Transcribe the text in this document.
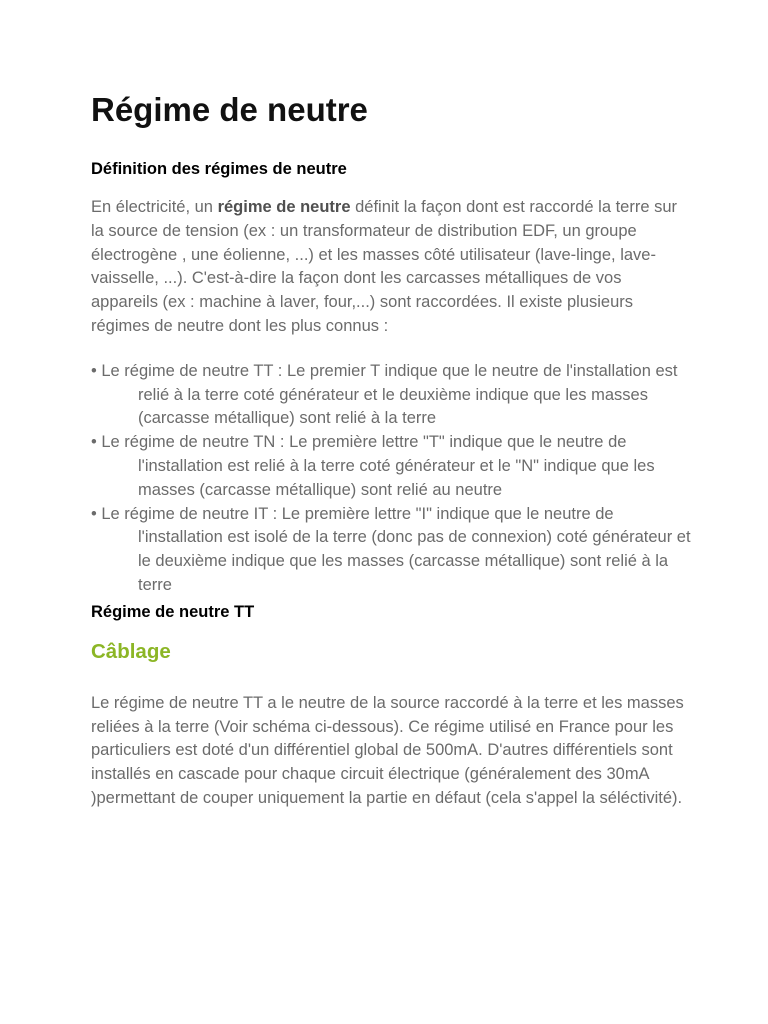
Régime de neutre
Définition des régimes de neutre
En électricité, un régime de neutre définit la façon dont est raccordé la terre sur la source de tension (ex : un transformateur de distribution EDF, un groupe électrogène , une éolienne, ...) et les masses côté utilisateur (lave-linge, lave-vaisselle, ...). C'est-à-dire la façon dont les carcasses métalliques de vos appareils (ex : machine à laver, four,...) sont raccordées. Il existe plusieurs régimes de neutre dont les plus connus :
• Le régime de neutre TT : Le premier T indique que le neutre de l'installation est relié à la terre coté générateur et le deuxième indique que les masses (carcasse métallique) sont relié à la terre
• Le régime de neutre TN : Le première lettre "T" indique que le neutre de l'installation est relié à la terre coté générateur et le "N" indique que les masses (carcasse métallique) sont relié au neutre
• Le régime de neutre IT : Le première lettre "I" indique que le neutre de l'installation est isolé de la terre (donc pas de connexion) coté générateur et le deuxième indique que les masses (carcasse métallique) sont relié à la terre
Régime de neutre TT
Câblage
Le régime de neutre TT a le neutre de la source raccordé à la terre et les masses reliées à la terre (Voir schéma ci-dessous). Ce régime utilisé en France pour les particuliers est doté d'un différentiel global de 500mA. D'autres différentiels sont installés en cascade pour chaque circuit électrique (généralement des 30mA )permettant de couper uniquement la partie en défaut (cela s'appel la séléctivité).
